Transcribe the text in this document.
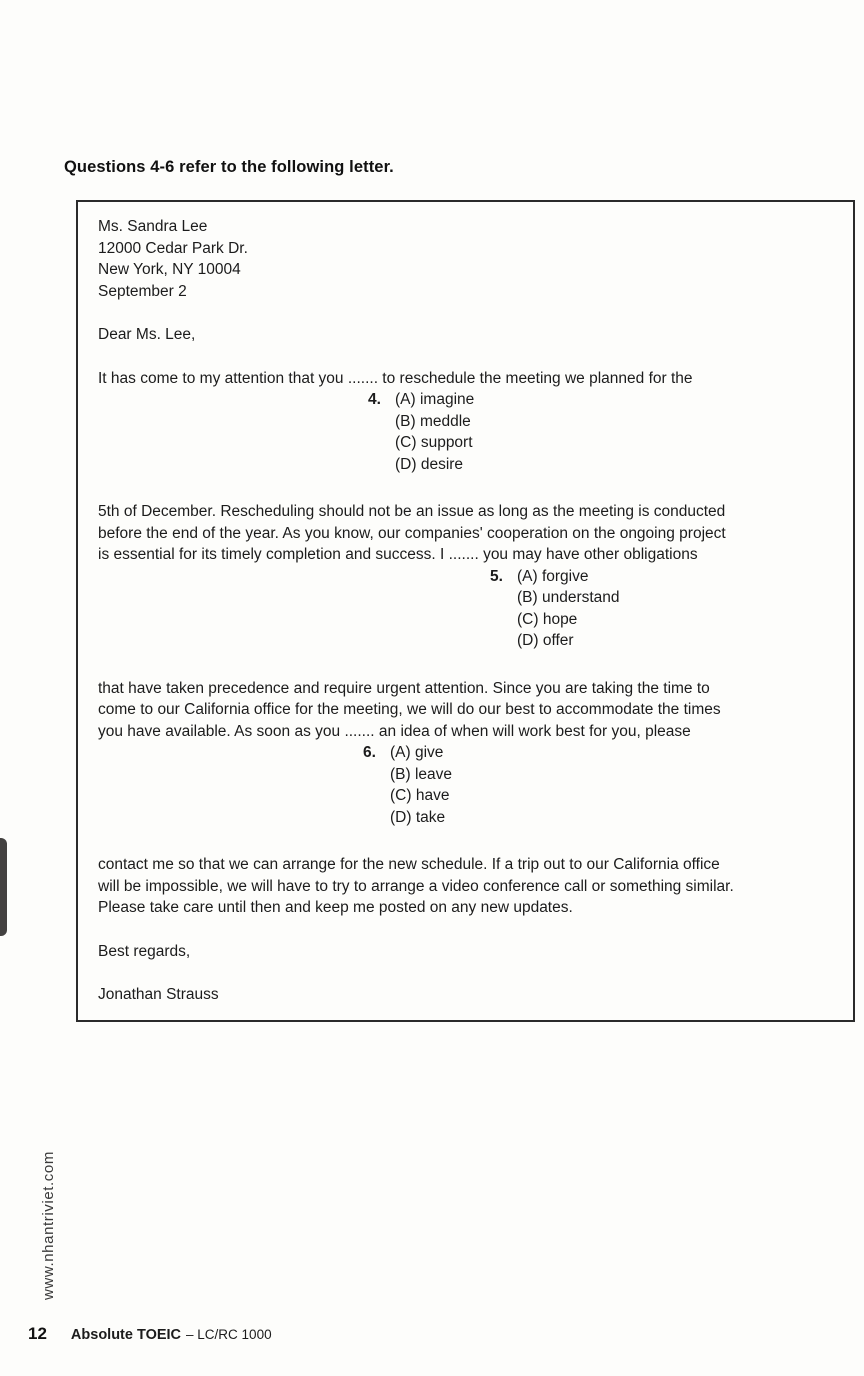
Questions 4-6 refer to the following letter.
Ms. Sandra Lee
12000 Cedar Park Dr.
New York, NY 10004
September 2
Dear Ms. Lee,
It has come to my attention that you ....... to reschedule the meeting we planned for the
4. (A) imagine
(B) meddle
(C) support
(D) desire
5th of December. Rescheduling should not be an issue as long as the meeting is conducted
before the end of the year. As you know, our companies' cooperation on the ongoing project
is essential for its timely completion and success. I ....... you may have other obligations
5. (A) forgive
(B) understand
(C) hope
(D) offer
that have taken precedence and require urgent attention. Since you are taking the time to
come to our California office for the meeting, we will do our best to accommodate the times
you have available. As soon as you ....... an idea of when will work best for you, please
6. (A) give
(B) leave
(C) have
(D) take
contact me so that we can arrange for the new schedule. If a trip out to our California office
will be impossible, we will have to try to arrange a video conference call or something similar.
Please take care until then and keep me posted on any new updates.
Best regards,
Jonathan Strauss
www.nhantriviet.com
12 Absolute TOEIC – LC/RC 1000
